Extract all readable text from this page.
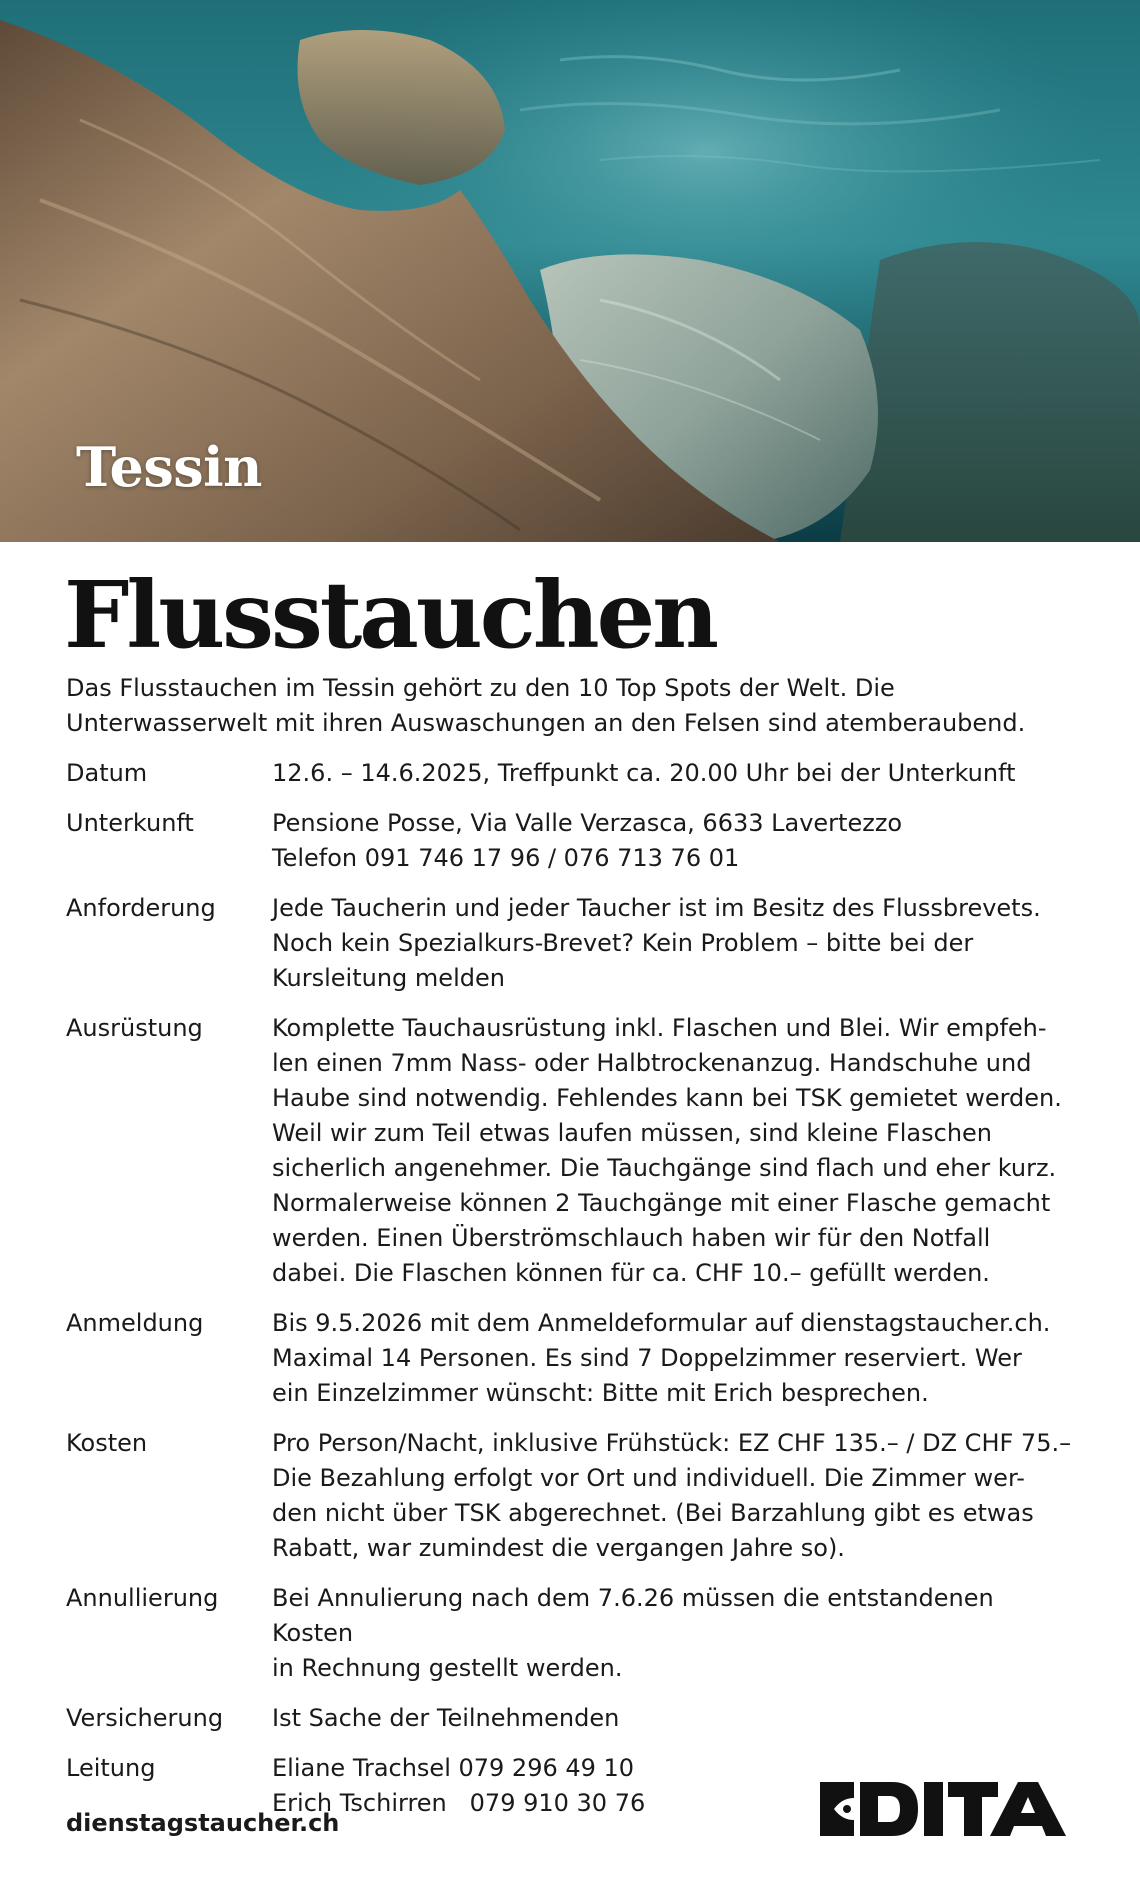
Tessin
Flusstauchen

Das Flusstauchen im Tessin gehört zu den 10 Top Spots der Welt. Die Unterwasserwelt mit ihren Auswaschungen an den Felsen sind atemberaubend.

Datum	12.6. – 14.6.2025, Treffpunkt ca. 20.00 Uhr bei der Unterkunft
Unterkunft	Pensione Posse, Via Valle Verzasca, 6633 Lavertezzo
Telefon 091 746 17 96 / 076 713 76 01
Anforderung	Jede Taucherin und jeder Taucher ist im Besitz des Flussbrevets.
Noch kein Spezialkurs-Brevet? Kein Problem – bitte bei der
Kursleitung melden
Ausrüstung	Komplette Tauchausrüstung inkl. Flaschen und Blei. Wir empfeh-
len einen 7mm Nass- oder Halbtrockenanzug. Handschuhe und
Haube sind notwendig. Fehlendes kann bei TSK gemietet werden.
Weil wir zum Teil etwas laufen müssen, sind kleine Flaschen
sicherlich angenehmer. Die Tauchgänge sind flach und eher kurz.
Normalerweise können 2 Tauchgänge mit einer Flasche gemacht
werden. Einen Überströmschlauch haben wir für den Notfall
dabei. Die Flaschen können für ca. CHF 10.– gefüllt werden.
Anmeldung	Bis 9.5.2026 mit dem Anmeldeformular auf dienstagstaucher.ch.
Maximal 14 Personen. Es sind 7 Doppelzimmer reserviert. Wer
ein Einzelzimmer wünscht: Bitte mit Erich besprechen.
Kosten	Pro Person/Nacht, inklusive Frühstück: EZ CHF 135.– / DZ CHF 75.–
Die Bezahlung erfolgt vor Ort und individuell. Die Zimmer wer-
den nicht über TSK abgerechnet. (Bei Barzahlung gibt es etwas
Rabatt, war zumindest die vergangen Jahre so).
Annullierung	Bei Annulierung nach dem 7.6.26 müssen die entstandenen Kosten
in Rechnung gestellt werden.
Versicherung	Ist Sache der Teilnehmenden
Leitung	Eliane Trachsel 079 296 49 10
Erich Tschirren   079 910 30 76
dienstagstaucher.ch
